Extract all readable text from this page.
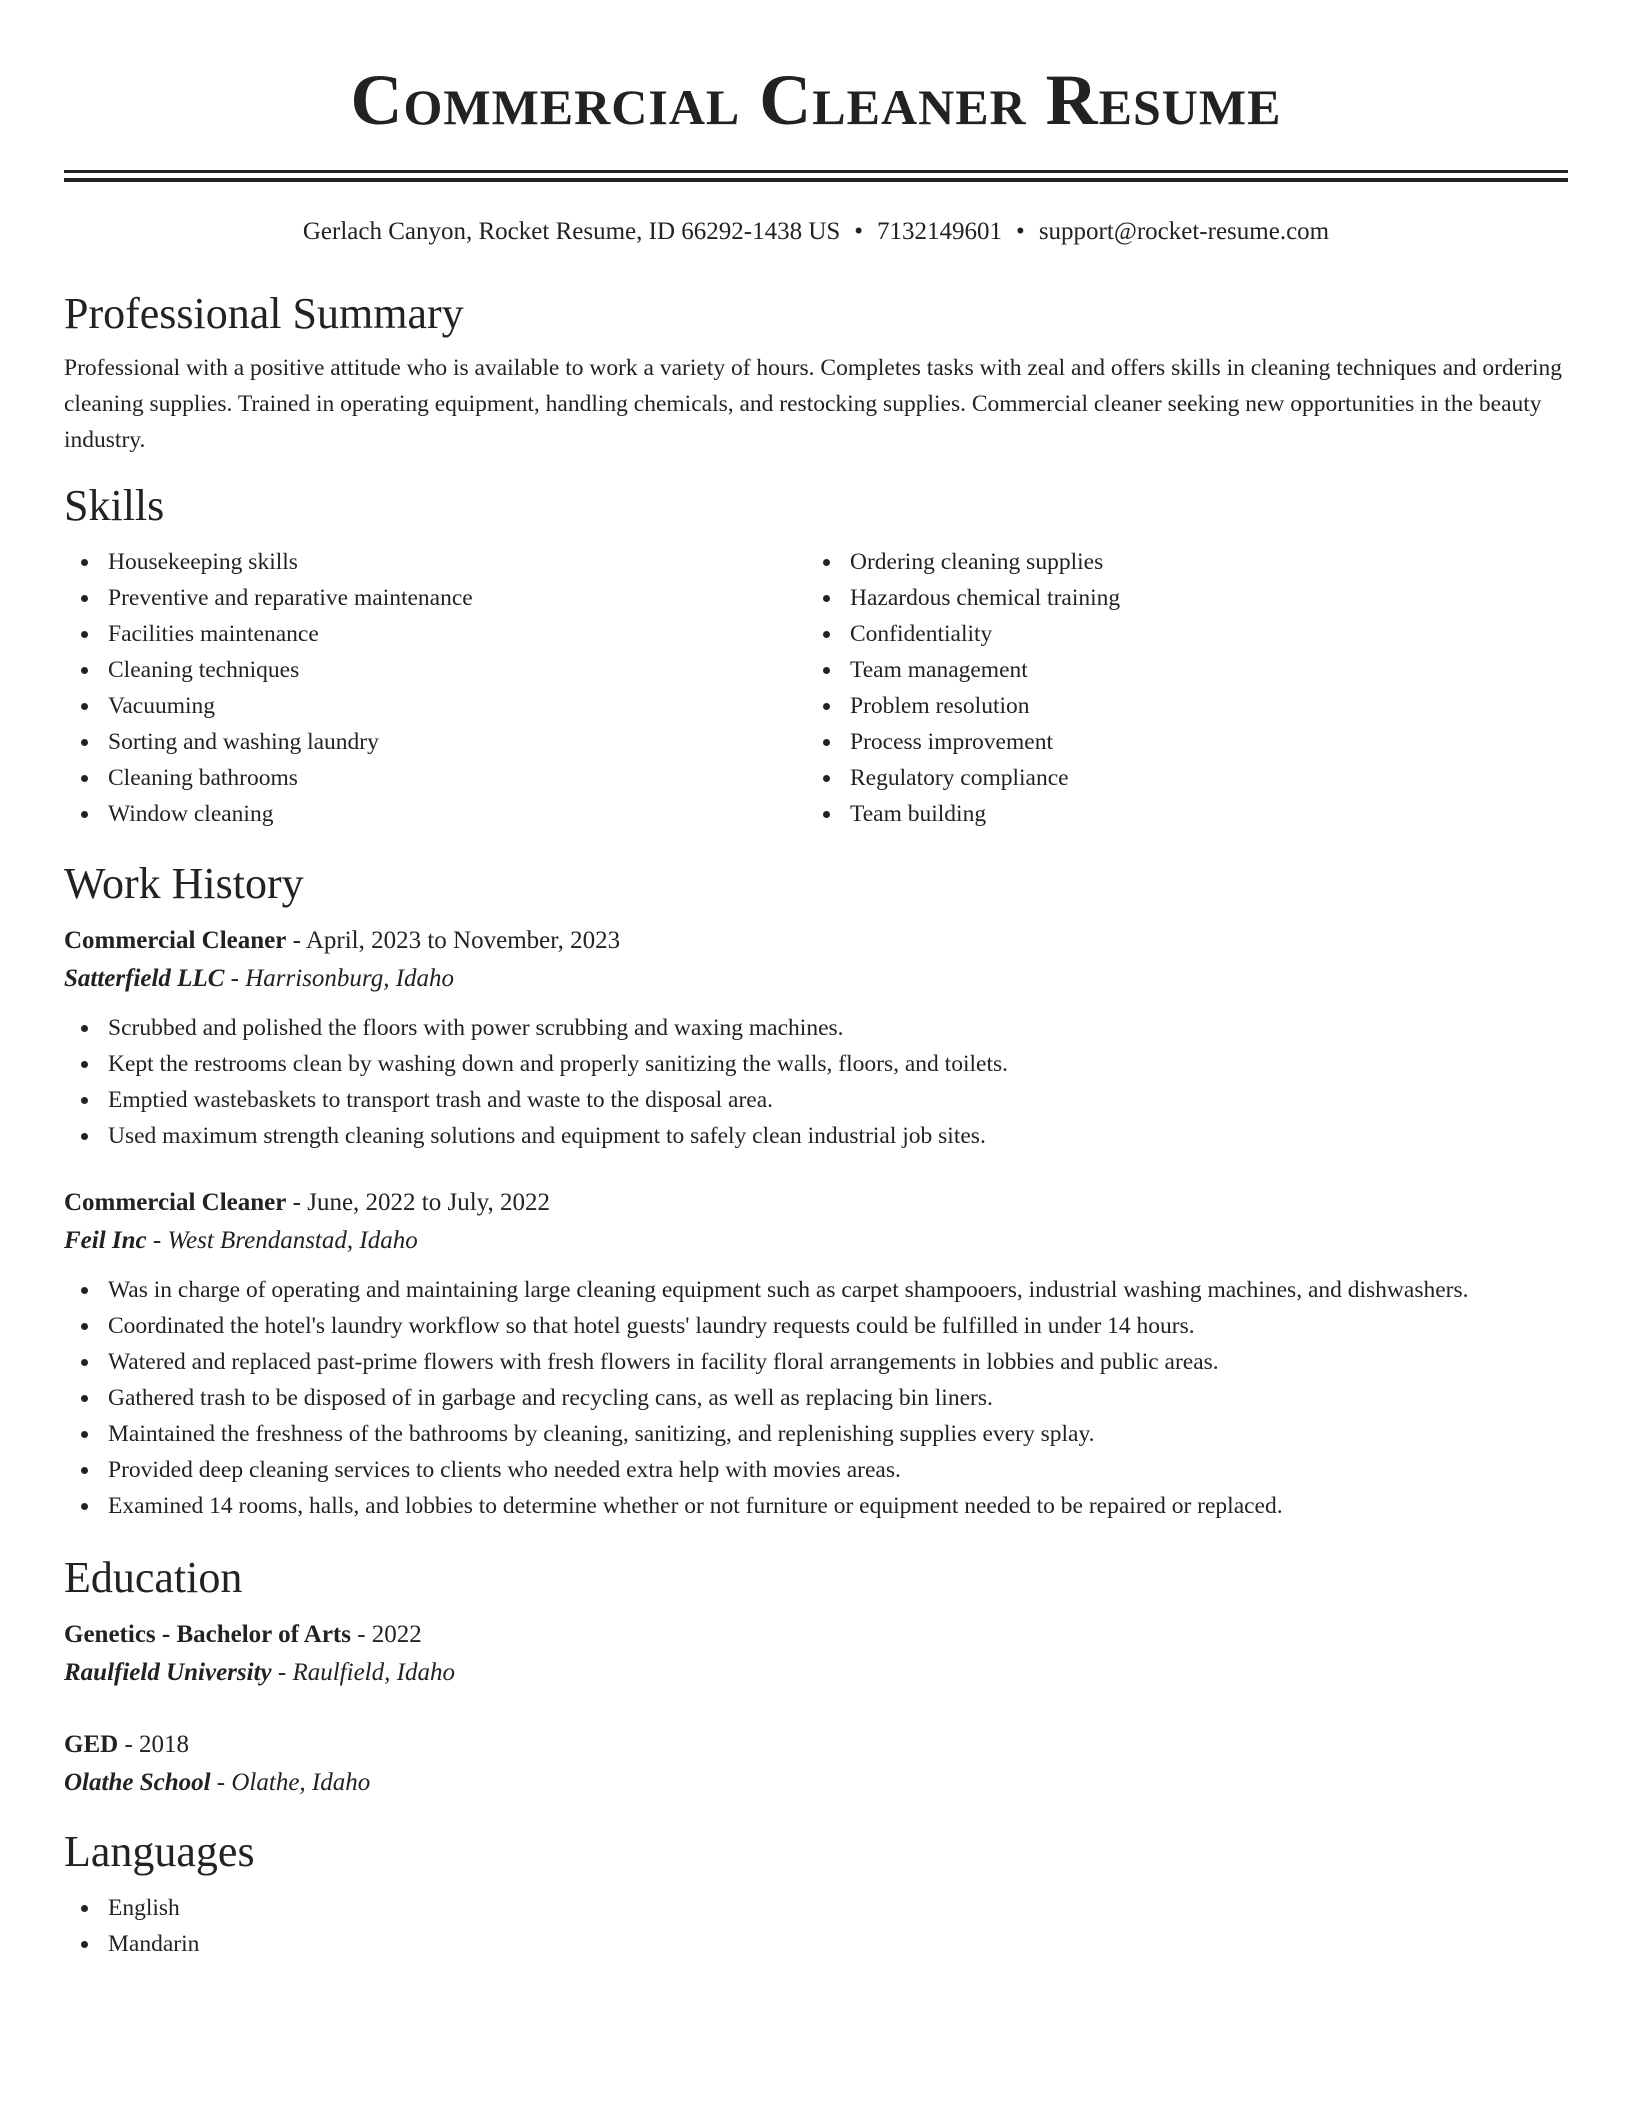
Commercial Cleaner Resume
Gerlach Canyon, Rocket Resume, ID 66292-1438 US • 7132149601 • support@rocket-resume.com
Professional Summary

Professional with a positive attitude who is available to work a variety of hours. Completes tasks with zeal and offers skills in cleaning techniques and ordering cleaning supplies. Trained in operating equipment, handling chemicals, and restocking supplies. Commercial cleaner seeking new opportunities in the beauty industry.

Skills
Housekeeping skills
Preventive and reparative maintenance
Facilities maintenance
Cleaning techniques
Vacuuming
Sorting and washing laundry
Cleaning bathrooms
Window cleaning
Ordering cleaning supplies
Hazardous chemical training
Confidentiality
Team management
Problem resolution
Process improvement
Regulatory compliance
Team building
Work History
Commercial Cleaner - April, 2023 to November, 2023
Satterfield LLC - Harrisonburg, Idaho
Scrubbed and polished the floors with power scrubbing and waxing machines.
Kept the restrooms clean by washing down and properly sanitizing the walls, floors, and toilets.
Emptied wastebaskets to transport trash and waste to the disposal area.
Used maximum strength cleaning solutions and equipment to safely clean industrial job sites.
Commercial Cleaner - June, 2022 to July, 2022
Feil Inc - West Brendanstad, Idaho
Was in charge of operating and maintaining large cleaning equipment such as carpet shampooers, industrial washing machines, and dishwashers.
Coordinated the hotel's laundry workflow so that hotel guests' laundry requests could be fulfilled in under 14 hours.
Watered and replaced past-prime flowers with fresh flowers in facility floral arrangements in lobbies and public areas.
Gathered trash to be disposed of in garbage and recycling cans, as well as replacing bin liners.
Maintained the freshness of the bathrooms by cleaning, sanitizing, and replenishing supplies every splay.
Provided deep cleaning services to clients who needed extra help with movies areas.
Examined 14 rooms, halls, and lobbies to determine whether or not furniture or equipment needed to be repaired or replaced.
Education
Genetics - Bachelor of Arts - 2022
Raulfield University - Raulfield, Idaho
GED - 2018
Olathe School - Olathe, Idaho
Languages
English
Mandarin
